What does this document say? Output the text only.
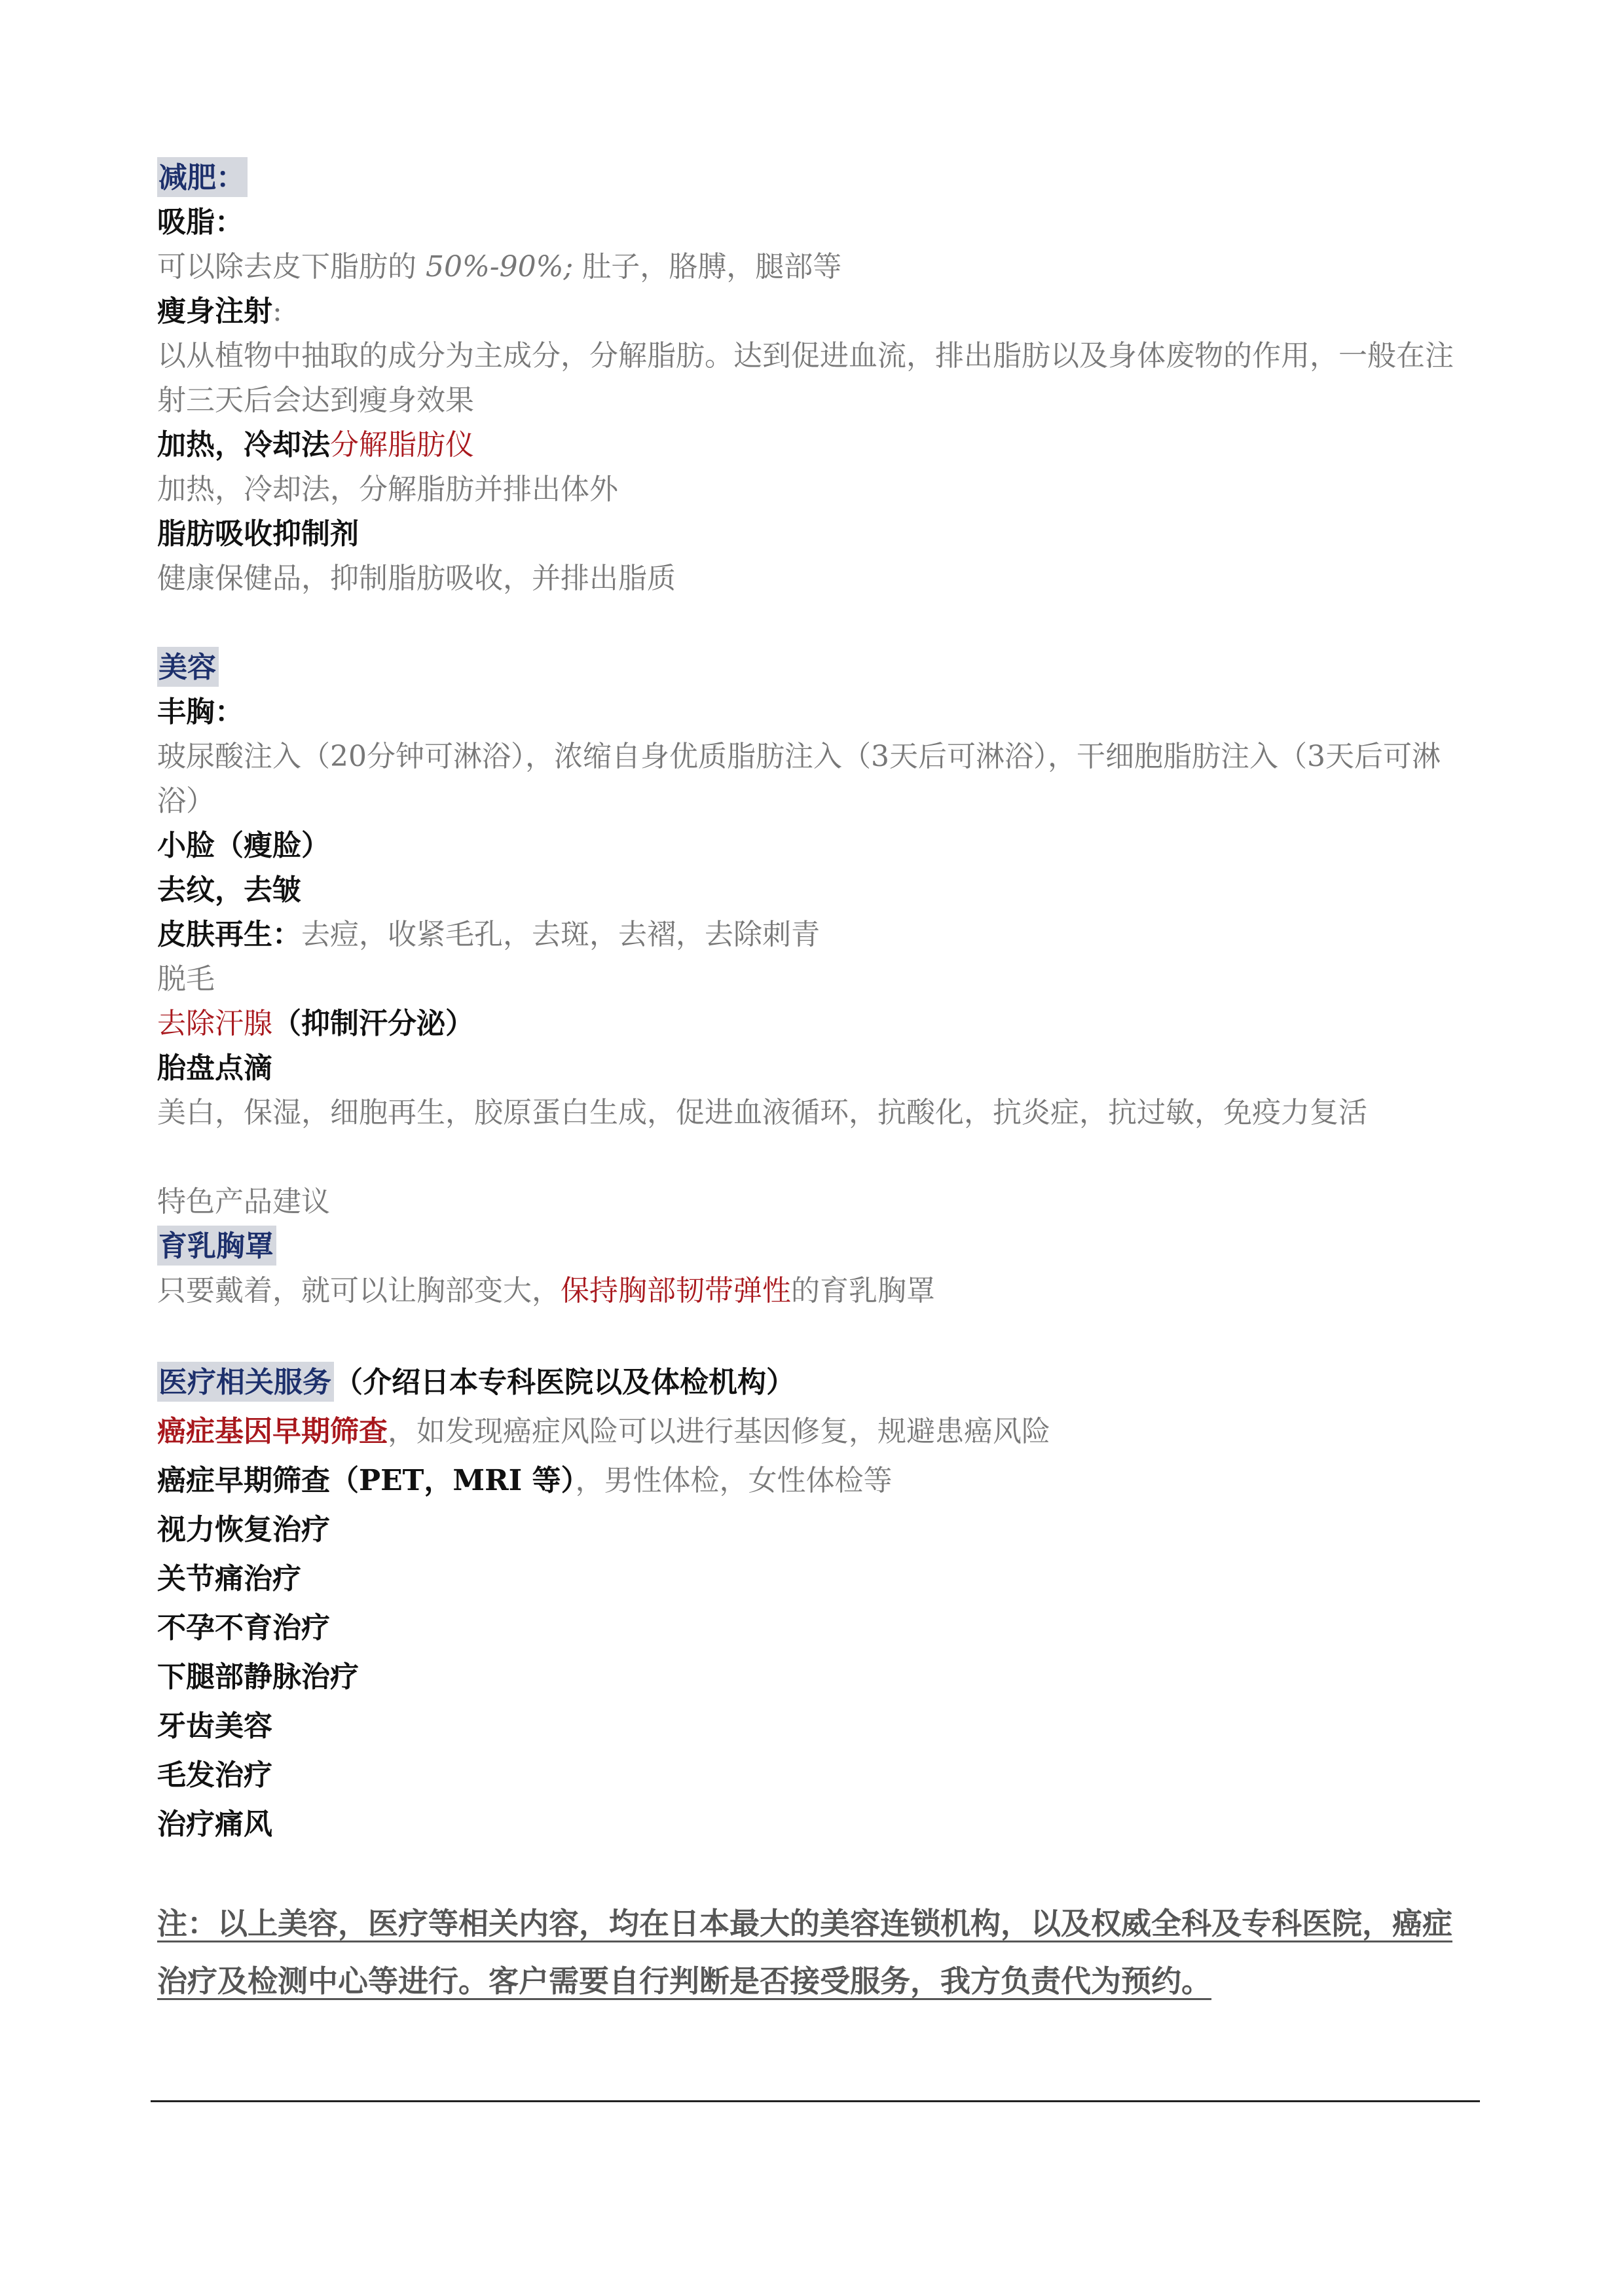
减肥：
吸脂：
可以除去皮下脂肪的 50%-90%; 肚子，胳膊，腿部等
瘦身注射:
以从植物中抽取的成分为主成分，分解脂肪。达到促进血流，排出脂肪以及身体废物的作用，一般在注射三天后会达到瘦身效果
加热，冷却法分解脂肪仪
加热，冷却法，分解脂肪并排出体外
脂肪吸收抑制剂
健康保健品，抑制脂肪吸收，并排出脂质
美容
丰胸：
玻尿酸注入（20分钟可淋浴），浓缩自身优质脂肪注入（3天后可淋浴），干细胞脂肪注入（3天后可淋浴）
小脸（瘦脸）
去纹，去皱
皮肤再生：去痘，收紧毛孔，去斑，去褶，去除刺青
脱毛
去除汗腺（抑制汗分泌）
胎盘点滴
美白，保湿，细胞再生，胶原蛋白生成，促进血液循环，抗酸化，抗炎症，抗过敏，免疫力复活
特色产品建议
育乳胸罩
只要戴着，就可以让胸部变大，保持胸部韧带弹性的育乳胸罩
医疗相关服务（介绍日本专科医院以及体检机构）
癌症基因早期筛查，如发现癌症风险可以进行基因修复，规避患癌风险
癌症早期筛查（PET，MRI 等），男性体检，女性体检等
视力恢复治疗
关节痛治疗
不孕不育治疗
下腿部静脉治疗
牙齿美容
毛发治疗
治疗痛风
注：以上美容，医疗等相关内容，均在日本最大的美容连锁机构，以及权威全科及专科医院，癌症治疗及检测中心等进行。客户需要自行判断是否接受服务，我方负责代为预约。
